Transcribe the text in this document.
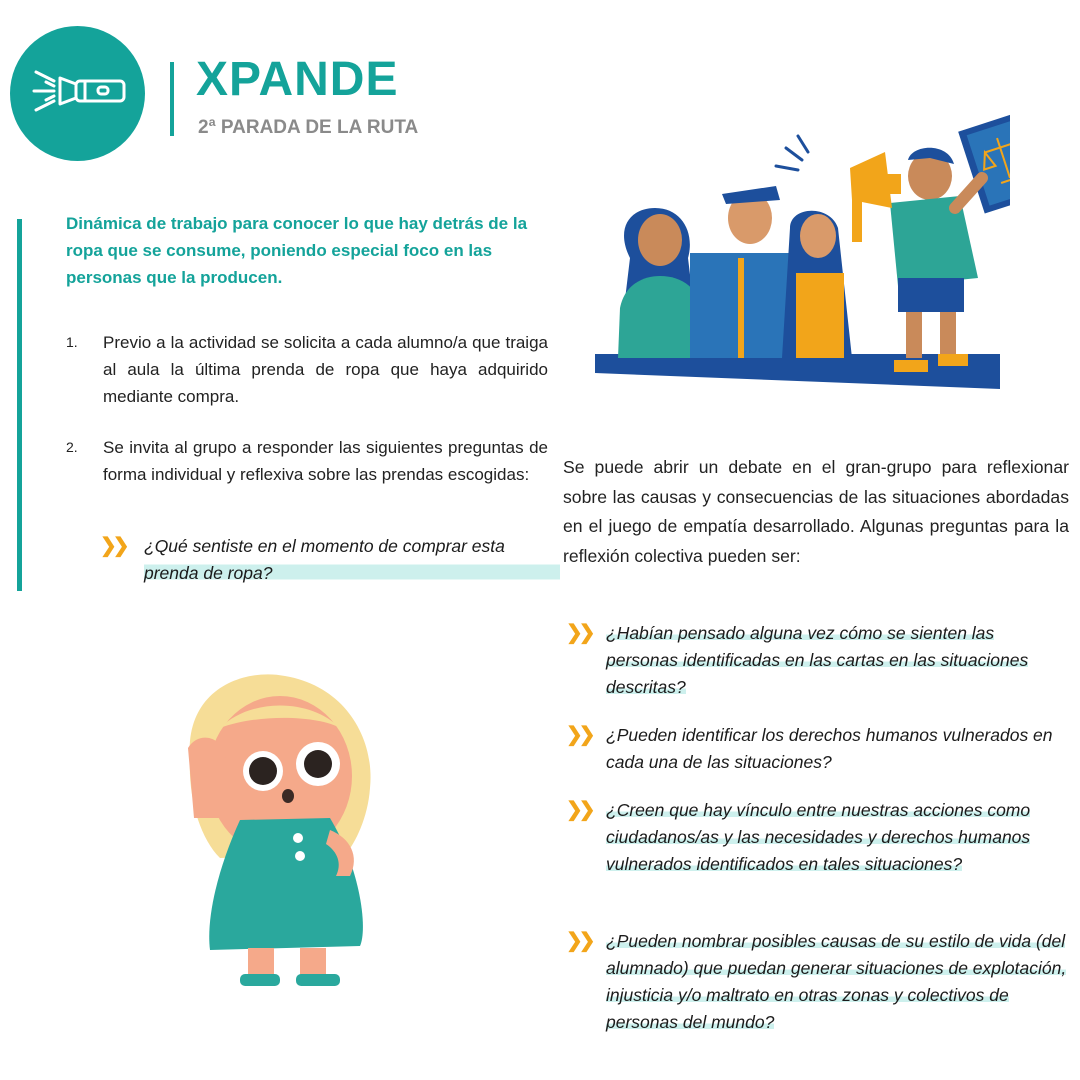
XPANDE
2ª PARADA DE LA RUTA
Dinámica de trabajo para conocer lo que hay detrás de la ropa que se consume, poniendo especial foco en las personas que la producen.
1. Previo a la actividad se solicita a cada alumno/a que traiga al aula la última prenda de ropa que haya adquirido mediante compra.
2. Se invita al grupo a responder las siguientes preguntas de forma individual y reflexiva sobre las prendas escogidas:
❯❯ ¿Qué sentiste en el momento de comprar esta prenda de ropa?
Se puede abrir un debate en el gran-grupo para reflexionar sobre las causas y consecuencias de las situaciones abordadas en el juego de empatía desarrollado. Algunas preguntas para la reflexión colectiva pueden ser:
❯❯ ¿Habían pensado alguna vez cómo se sienten las personas identificadas en las cartas en las situaciones descritas?
❯❯ ¿Pueden identificar los derechos humanos vulnerados en cada una de las situaciones?
❯❯ ¿Creen que hay vínculo entre nuestras acciones como ciudadanos/as y las necesidades y derechos humanos vulnerados identificados en tales situaciones?
❯❯ ¿Pueden nombrar posibles causas de su estilo de vida (del alumnado) que puedan generar situaciones de explotación, injusticia y/o maltrato en otras zonas y colectivos de personas del mundo?
